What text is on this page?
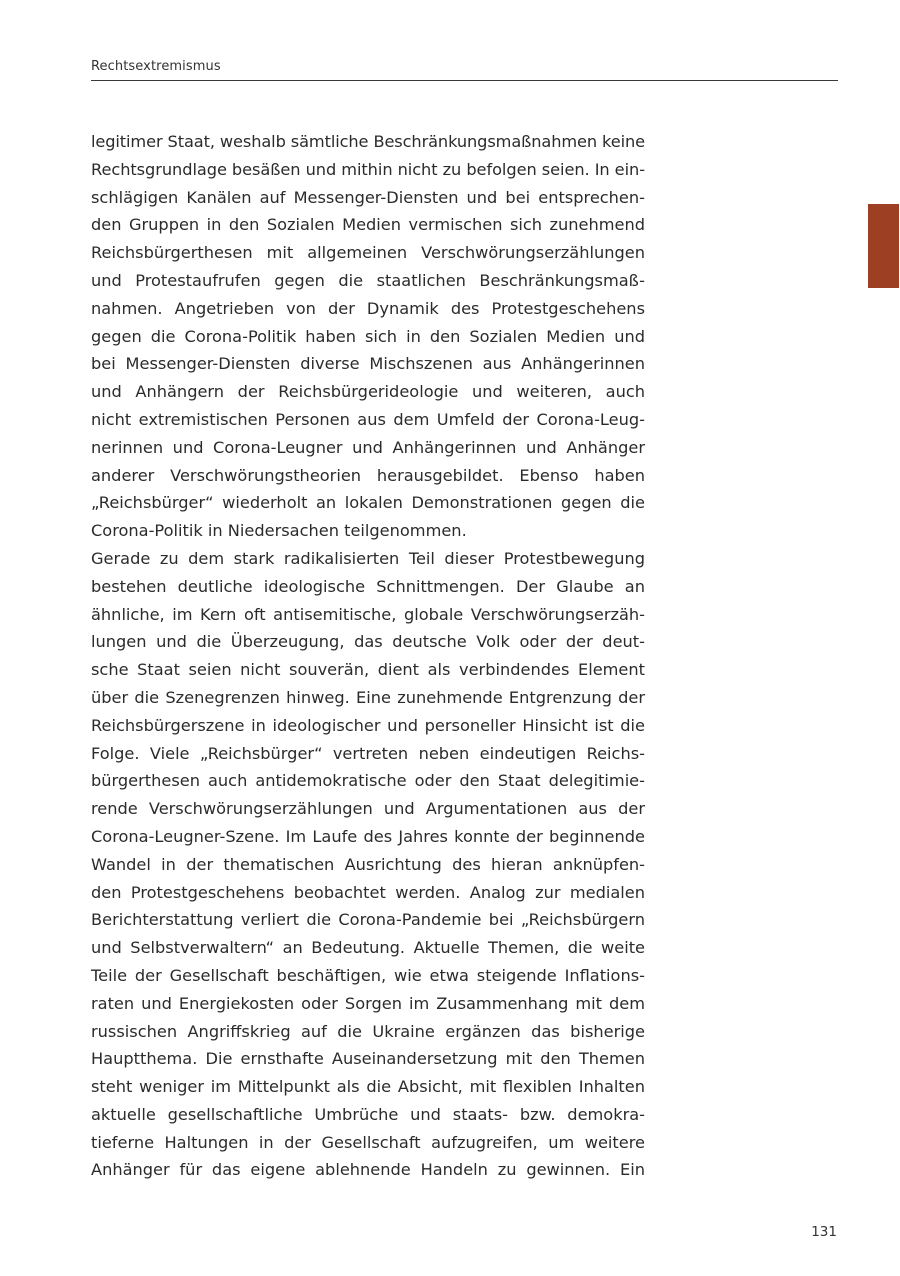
Rechtsextremismus
legitimer Staat, weshalb sämtliche Beschränkungsmaßnahmen keine
Rechtsgrundlage besäßen und mithin nicht zu befolgen seien. In ein-
schlägigen Kanälen auf Messenger-Diensten und bei entsprechen-
den Gruppen in den Sozialen Medien vermischen sich zunehmend
Reichsbürgerthesen mit allgemeinen Verschwörungserzählungen
und Protestaufrufen gegen die staatlichen Beschränkungsmaß-
nahmen. Angetrieben von der Dynamik des Protestgeschehens
gegen die Corona-Politik haben sich in den Sozialen Medien und
bei Messenger-Diensten diverse Mischszenen aus Anhängerinnen
und Anhängern der Reichsbürgerideologie und weiteren, auch
nicht extremistischen Personen aus dem Umfeld der Corona-Leug-
nerinnen und Corona-Leugner und Anhängerinnen und Anhänger
anderer Verschwörungstheorien herausgebildet. Ebenso haben
„Reichsbürger“ wiederholt an lokalen Demonstrationen gegen die
Corona-Politik in Niedersachen teilgenommen.
Gerade zu dem stark radikalisierten Teil dieser Protestbewegung
bestehen deutliche ideologische Schnittmengen. Der Glaube an
ähnliche, im Kern oft antisemitische, globale Verschwörungserzäh-
lungen und die Überzeugung, das deutsche Volk oder der deut-
sche Staat seien nicht souverän, dient als verbindendes Element
über die Szenegrenzen hinweg. Eine zunehmende Entgrenzung der
Reichsbürgerszene in ideologischer und personeller Hinsicht ist die
Folge. Viele „Reichsbürger“ vertreten neben eindeutigen Reichs-
bürgerthesen auch antidemokratische oder den Staat delegitimie-
rende Verschwörungserzählungen und Argumentationen aus der
Corona-Leugner-Szene. Im Laufe des Jahres konnte der beginnende
Wandel in der thematischen Ausrichtung des hieran anknüpfen-
den Protestgeschehens beobachtet werden. Analog zur medialen
Berichterstattung verliert die Corona-Pandemie bei „Reichsbürgern
und Selbstverwaltern“ an Bedeutung. Aktuelle Themen, die weite
Teile der Gesellschaft beschäftigen, wie etwa steigende Inflations-
raten und Energiekosten oder Sorgen im Zusammenhang mit dem
russischen Angriffskrieg auf die Ukraine ergänzen das bisherige
Hauptthema. Die ernsthafte Auseinandersetzung mit den Themen
steht weniger im Mittelpunkt als die Absicht, mit flexiblen Inhalten
aktuelle gesellschaftliche Umbrüche und staats- bzw. demokra-
tieferne Haltungen in der Gesellschaft aufzugreifen, um weitere
Anhänger für das eigene ablehnende Handeln zu gewinnen. Ein
131
